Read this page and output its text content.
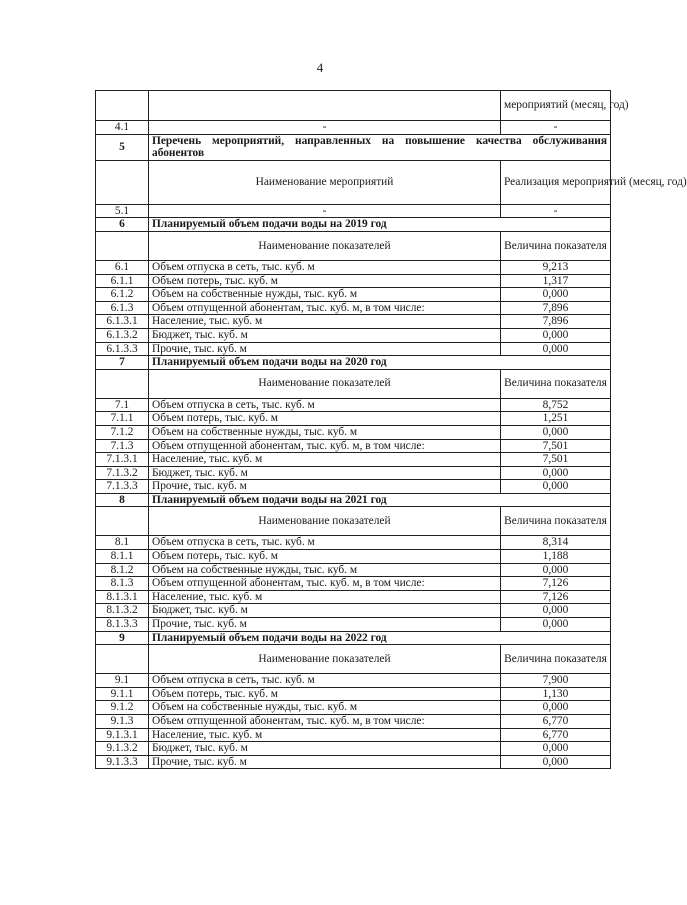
4
		мероприятий (месяц, год)
4.1	-	-
5	Перечень мероприятий, направленных на повышение качества обслуживания абонентов	
	Наименование мероприятий	Реализация мероприятий (месяц, год)
5.1	-	-
6	Планируемый объем подачи воды на 2019 год	
	Наименование показателей	Величина показателя
6.1	Объем отпуска в сеть, тыс. куб. м	9,213
6.1.1	Объем потерь, тыс. куб. м	1,317
6.1.2	Объем на собственные нужды, тыс. куб. м	0,000
6.1.3	Объем отпущенной абонентам, тыс. куб. м, в том числе:	7,896
6.1.3.1	Население, тыс. куб. м	7,896
6.1.3.2	Бюджет, тыс. куб. м	0,000
6.1.3.3	Прочие, тыс. куб. м	0,000
7	Планируемый объем подачи воды на 2020 год	
	Наименование показателей	Величина показателя
7.1	Объем отпуска в сеть, тыс. куб. м	8,752
7.1.1	Объем потерь, тыс. куб. м	1,251
7.1.2	Объем на собственные нужды, тыс. куб. м	0,000
7.1.3	Объем отпущенной абонентам, тыс. куб. м, в том числе:	7,501
7.1.3.1	Население, тыс. куб. м	7,501
7.1.3.2	Бюджет, тыс. куб. м	0,000
7.1.3.3	Прочие, тыс. куб. м	0,000
8	Планируемый объем подачи воды на 2021 год	
	Наименование показателей	Величина показателя
8.1	Объем отпуска в сеть, тыс. куб. м	8,314
8.1.1	Объем потерь, тыс. куб. м	1,188
8.1.2	Объем на собственные нужды, тыс. куб. м	0,000
8.1.3	Объем отпущенной абонентам, тыс. куб. м, в том числе:	7,126
8.1.3.1	Население, тыс. куб. м	7,126
8.1.3.2	Бюджет, тыс. куб. м	0,000
8.1.3.3	Прочие, тыс. куб. м	0,000
9	Планируемый объем подачи воды на 2022 год	
	Наименование показателей	Величина показателя
9.1	Объем отпуска в сеть, тыс. куб. м	7,900
9.1.1	Объем потерь, тыс. куб. м	1,130
9.1.2	Объем на собственные нужды, тыс. куб. м	0,000
9.1.3	Объем отпущенной абонентам, тыс. куб. м, в том числе:	6,770
9.1.3.1	Население, тыс. куб. м	6,770
9.1.3.2	Бюджет, тыс. куб. м	0,000
9.1.3.3	Прочие, тыс. куб. м	0,000
